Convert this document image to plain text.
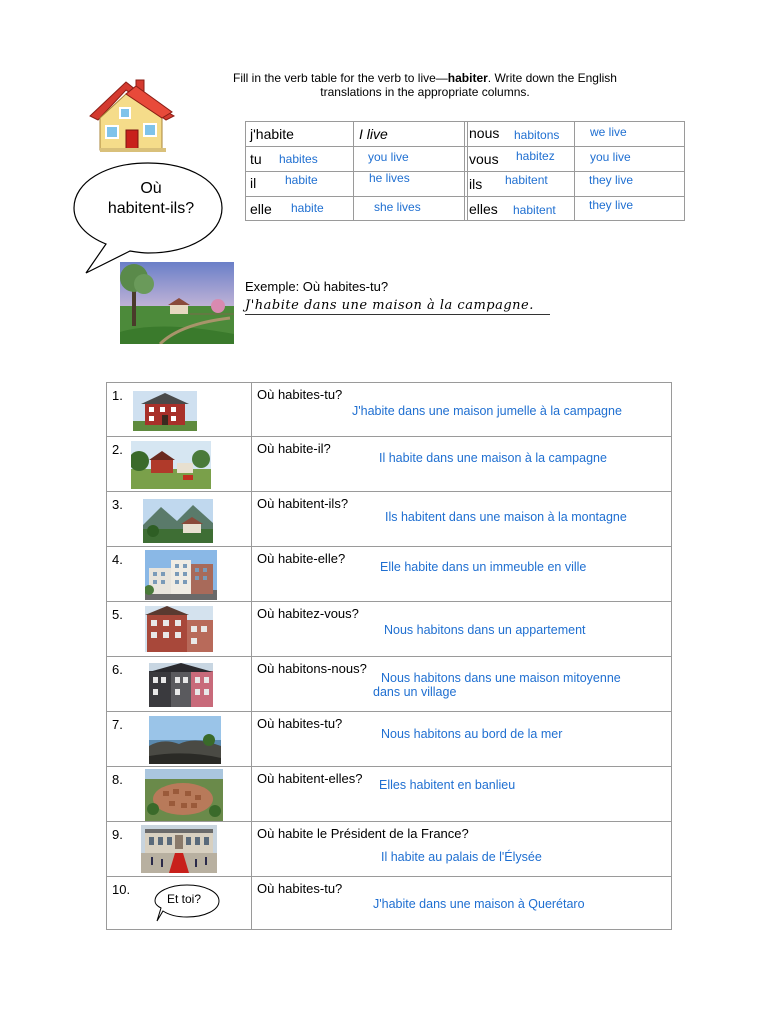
Fill in the verb table for the verb to live—habiter. Write down the English
translations in the appropriate columns.
Où
habitent-ils?
j'habite	I live	nous habitons	we live
tu habites	you live	vous habitez	you live
il habite	he lives	ils habitent	they live
elle habite	she lives	elles habitent	they live
Exemple: Où habites-tu?
J'habite dans une maison à la campagne.
1.	Où habites-tu?
J'habite dans une maison jumelle à la campagne
2.	Où habite-il?
Il habite dans une maison à la campagne
3.	Où habitent-ils?
Ils habitent dans une maison à la montagne
4.	Où habite-elle?
Elle habite dans un immeuble en ville
5.	Où habitez-vous?
Nous habitons dans un appartement
6.	Où habitons-nous?
Nous habitons dans une maison mitoyenne
dans un village
7.	Où habites-tu?
Nous habitons au bord de la mer
8.	Où habitent-elles? Elles habitent en banlieu
9.	Où habite le Président de la France?
Il habite au palais de l'Élysée
10.
Et toi?
Où habites-tu?
J'habite dans une maison à Querétaro
